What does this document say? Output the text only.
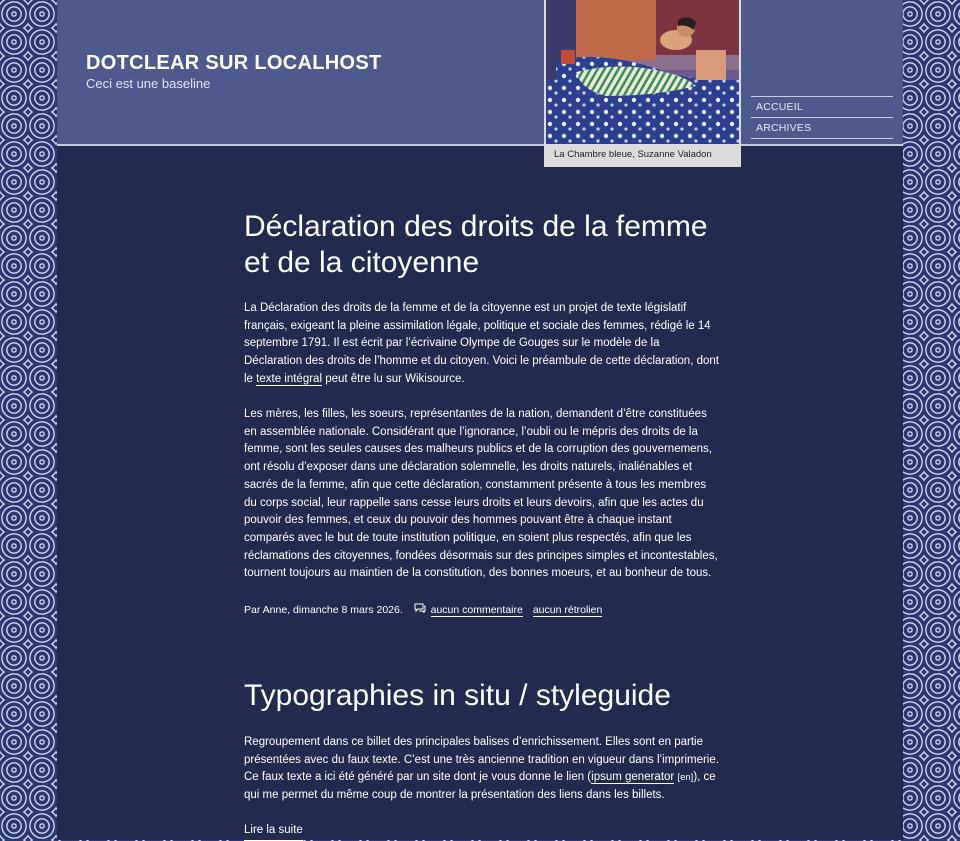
DOTCLEAR SUR LOCALHOST
Ceci est une baseline
ACCUEIL
ARCHIVES
La Chambre bleue, Suzanne Valadon
Déclaration des droits de la femme et de la citoyenne

La Déclaration des droits de la femme et de la citoyenne est un projet de texte législatif français, exigeant la pleine assimilation légale, politique et sociale des femmes, rédigé le 14 septembre 1791. Il est écrit par l’écrivaine Olympe de Gouges sur le modèle de la Déclaration des droits de l’homme et du citoyen. Voici le préambule de cette déclaration, dont le texte intégral peut être lu sur Wikisource.

Les mères, les filles, les soeurs, représentantes de la nation, demandent d’être constituées en assemblée nationale. Considérant que l’ignorance, l’oubli ou le mépris des droits de la femme, sont les seules causes des malheurs publics et de la corruption des gouvernemens, ont résolu d’exposer dans une déclaration solemnelle, les droits naturels, inaliénables et sacrés de la femme, afin que cette déclaration, constamment présente à tous les membres du corps social, leur rappelle sans cesse leurs droits et leurs devoirs, afin que les actes du pouvoir des femmes, et ceux du pouvoir des hommes pouvant être à chaque instant comparés avec le but de toute institution politique, en soient plus respectés, afin que les réclamations des citoyennes, fondées désormais sur des principes simples et incontestables, tournent toujours au maintien de la constitution, des bonnes moeurs, et au bonheur de tous.

Par Anne, dimanche 8 mars 2026.	aucun commentaire aucun rétrolien
Typographies in situ / styleguide

Regroupement dans ce billet des principales balises d’enrichissement. Elles sont en partie présentées avec du faux texte. C’est une très ancienne tradition en vigueur dans l’imprimerie. Ce faux texte a ici été généré par un site dont je vous donne le lien (ipsum generator [en]), ce qui me permet du même coup de montrer la présentation des liens dans les billets.

Lire la suite
